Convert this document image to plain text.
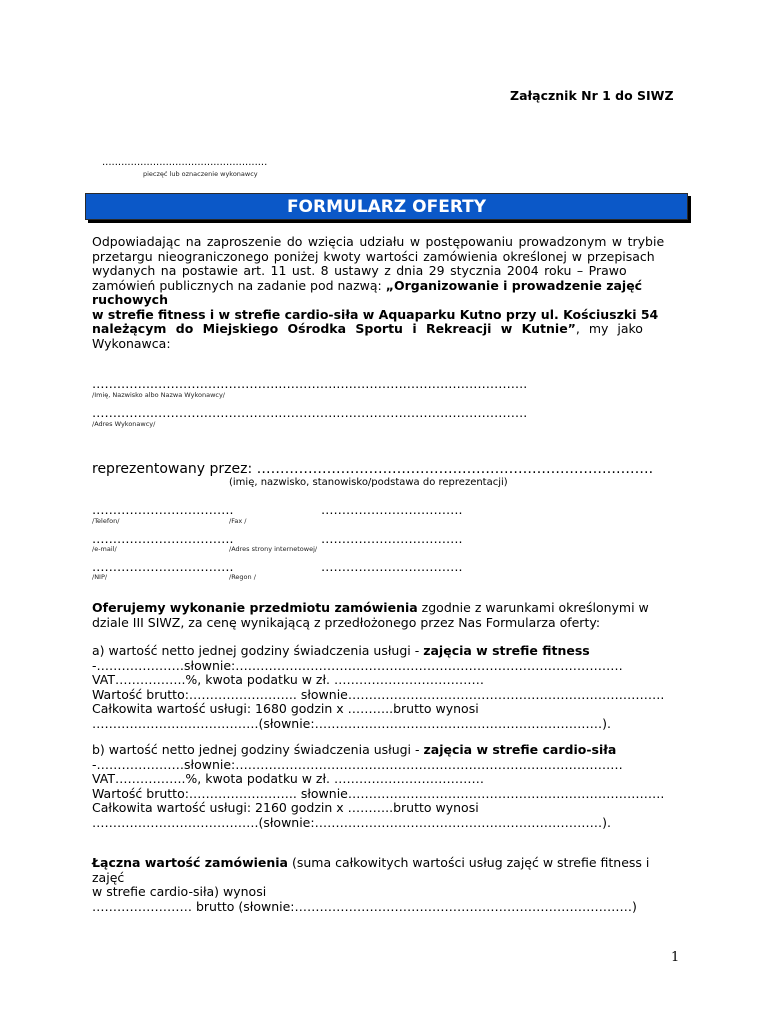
Załącznik Nr 1 do SIWZ
....................................................
pieczęć lub oznaczenie wykonawcy
FORMULARZ OFERTY
Odpowiadając na zaproszenie do wzięcia udziału w postępowaniu prowadzonym w trybie
przetargu nieograniczonego poniżej kwoty wartości zamówienia określonej w przepisach
wydanych na postawie art. 11 ust. 8 ustawy z dnia 29 stycznia 2004 roku – Prawo
zamówień publicznych na zadanie pod nazwą: „Organizowanie i prowadzenie zajęć
ruchowych
w strefie fitness i w strefie cardio-siła w Aquaparku Kutno przy ul. Kościuszki 54
należącym do Miejskiego Ośrodka Sportu i Rekreacji w Kutnie”, my jako
Wykonawca:
…….……..………….….…………..………….….………….……….……………….
/Imię, Nazwisko albo Nazwa Wykonawcy/
…….……..………….….…………..………….….………….……….……………….
/Adres Wykonawcy/
reprezentowany przez: ………………………………………………………………………….
(imię, nazwisko, stanowisko/podstawa do reprezentacji)
…………………………….	…………………………….
/Telefon/	/Fax /
…………………………….	…………………………….
/e-mail/	/Adres strony internetowej/
…………………………….	…………………………….
/NIP/	/Regon /
Oferujemy wykonanie przedmiotu zamówienia zgodnie z warunkami określonymi w
dziale III SIWZ, za cenę wynikającą z przedłożonego przez Nas Formularza oferty:
a) wartość netto jednej godziny świadczenia usługi - zajęcia w strefie fitness
-…………………słownie:…………………………………………………………………………………
VAT……………..%, kwota podatku w zł. ………………………………
Wartość brutto:…………………….. słownie………………………………………………………………….
Całkowita wartość usługi: 1680 godzin x ………..brutto wynosi
………………………………….(słownie:……………………………………………………………).
b) wartość netto jednej godziny świadczenia usługi - zajęcia w strefie cardio-siła
-…………………słownie:…………………………………………………………………………………
VAT……………..%, kwota podatku w zł. ………………………………
Wartość brutto:…………………….. słownie………………………………………………………………….
Całkowita wartość usługi: 2160 godzin x ………..brutto wynosi
………………………………….(słownie:……………………………………………………………).
Łączna wartość zamówienia (suma całkowitych wartości usług zajęć w strefie fitness i
zajęć
w strefie cardio-siła) wynosi
…………………… brutto (słownie:………………………………………………………………………)
1
